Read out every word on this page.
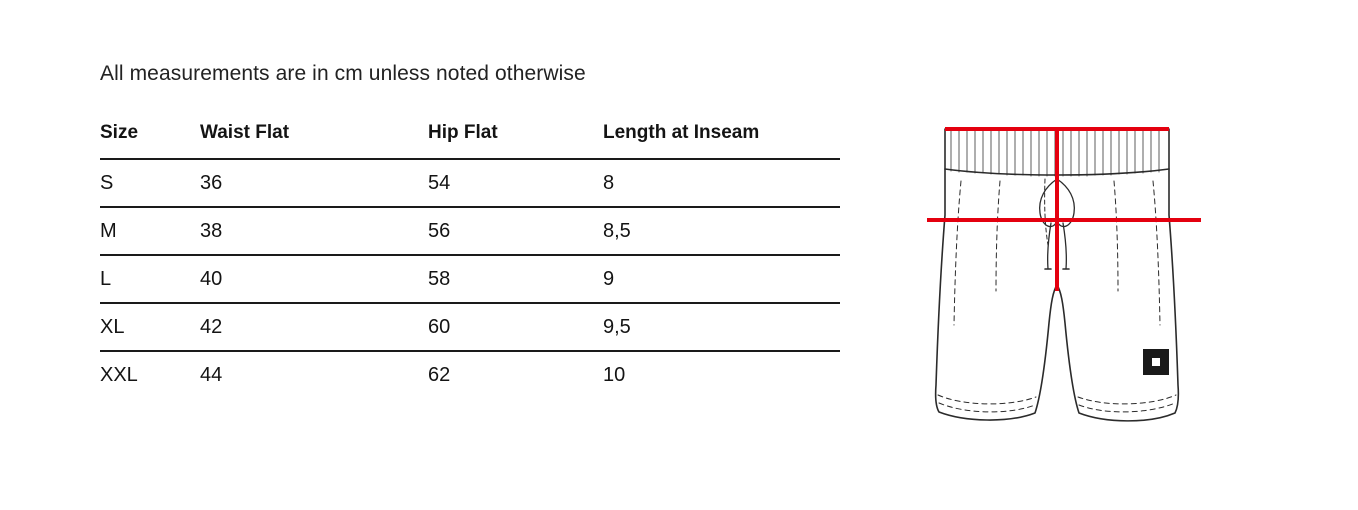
All measurements are in cm unless noted otherwise
Size	Waist Flat	Hip Flat	Length at Inseam
S	36	54	8
M	38	56	8,5
L	40	58	9
XL	42	60	9,5
XXL	44	62	10
